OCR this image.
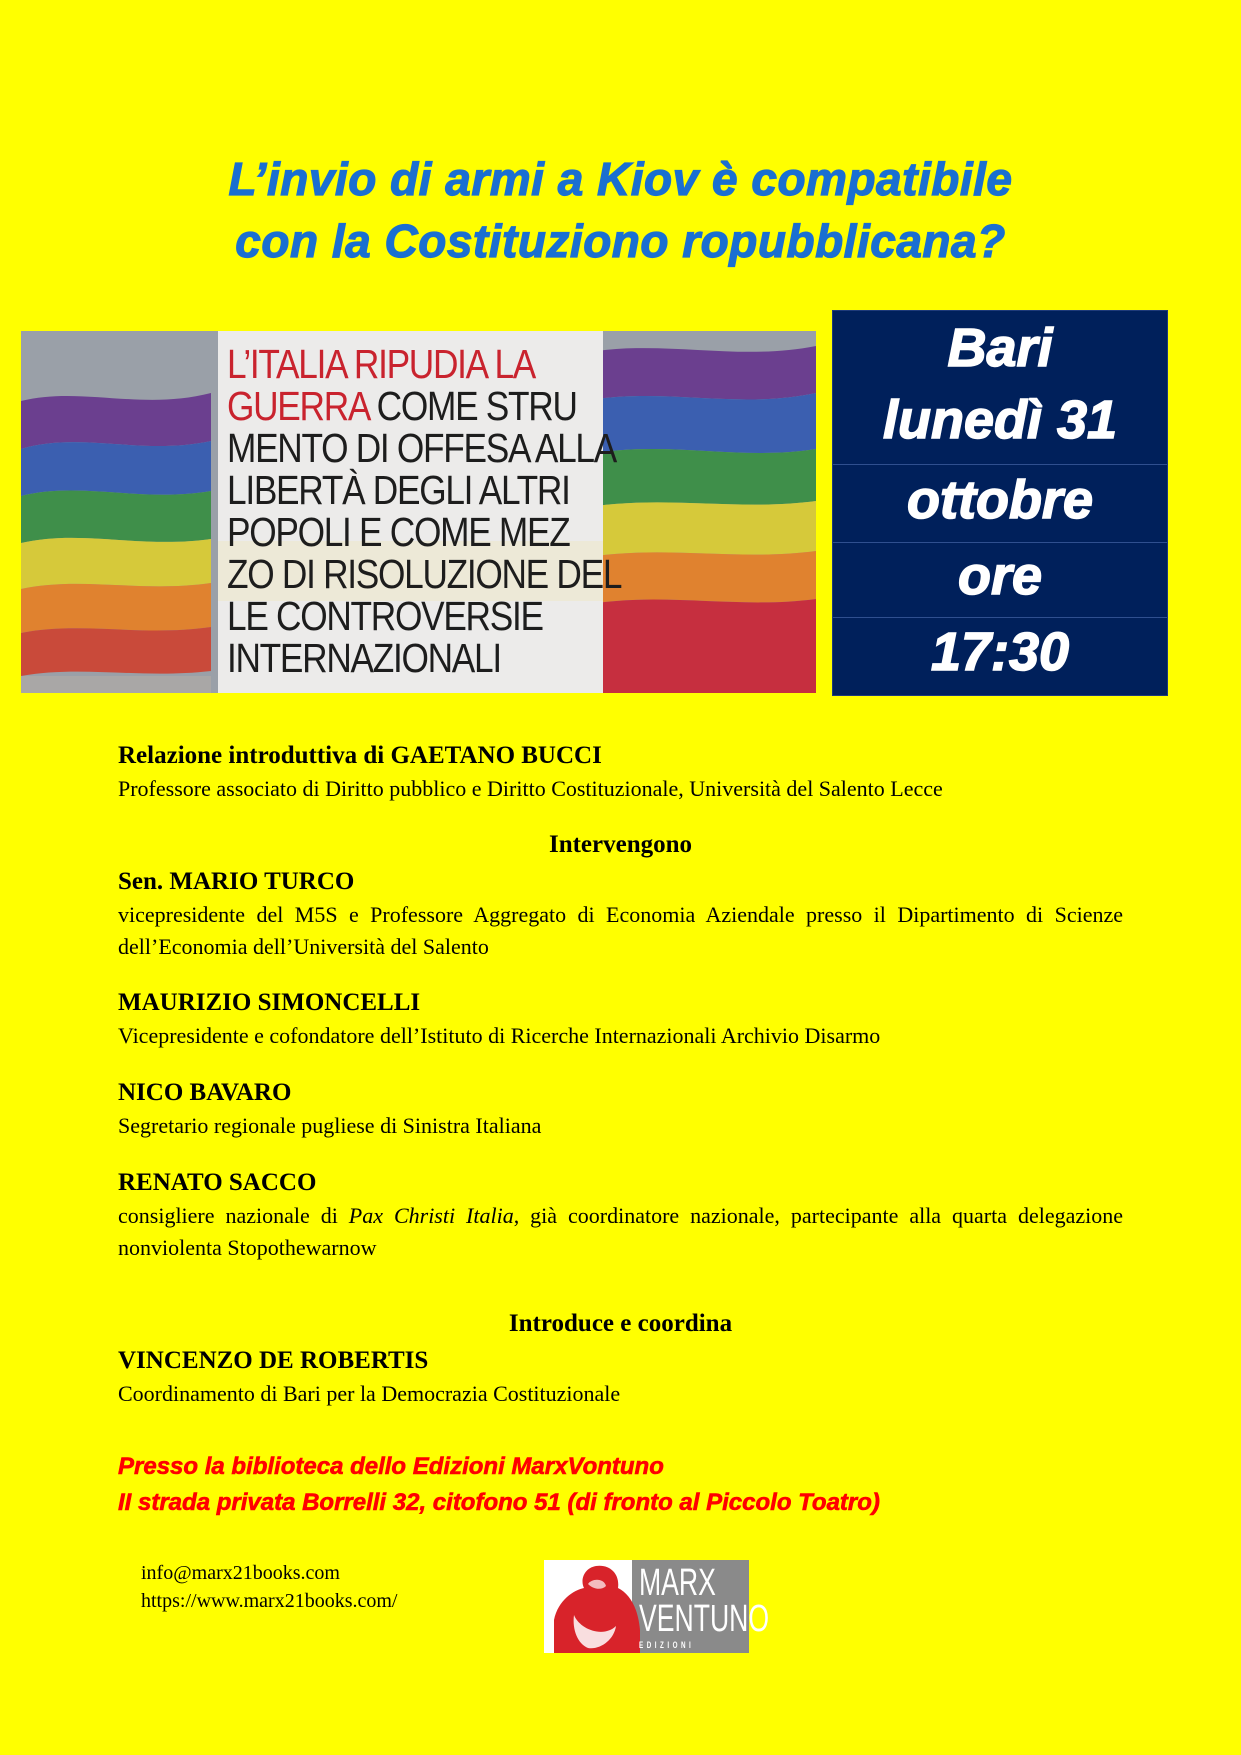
L’invio di armi a Kiov è compatibile
con la Costituziono ropubblicana?
L’ITALIA RIPUDIA LA
GUERRA COME STRU
MENTO DI OFFESA ALLA
LIBERTÀ DEGLI ALTRI
POPOLI E COME MEZ
ZO DI RISOLUZIONE DEL
LE CONTROVERSIE
INTERNAZIONALI
Bari
lunedì 31
ottobre
ore
17:30
Relazione introduttiva di GAETANO BUCCI
Professore associato di Diritto pubblico e Diritto Costituzionale, Università del Salento Lecce
Intervengono
Sen. MARIO TURCO
vicepresidente del M5S e Professore Aggregato di Economia Aziendale presso il Dipartimento di Scienze dell’Economia dell’Università del Salento
MAURIZIO SIMONCELLI
Vicepresidente e cofondatore dell’Istituto di Ricerche Internazionali Archivio Disarmo
NICO BAVARO
Segretario regionale pugliese di Sinistra Italiana
RENATO SACCO
consigliere nazionale di Pax Christi Italia, già coordinatore nazionale, partecipante alla quarta delegazione nonviolenta Stopothewarnow
Introduce e coordina
VINCENZO DE ROBERTIS
Coordinamento di Bari per la Democrazia Costituzionale
Presso la biblioteca dello Edizioni MarxVontuno
II strada privata Borrelli 32, citofono 51 (di fronto al Piccolo Toatro)
info@marx21books.com
https://www.marx21books.com/	MARX
VENTUNO
EDIZIONI
